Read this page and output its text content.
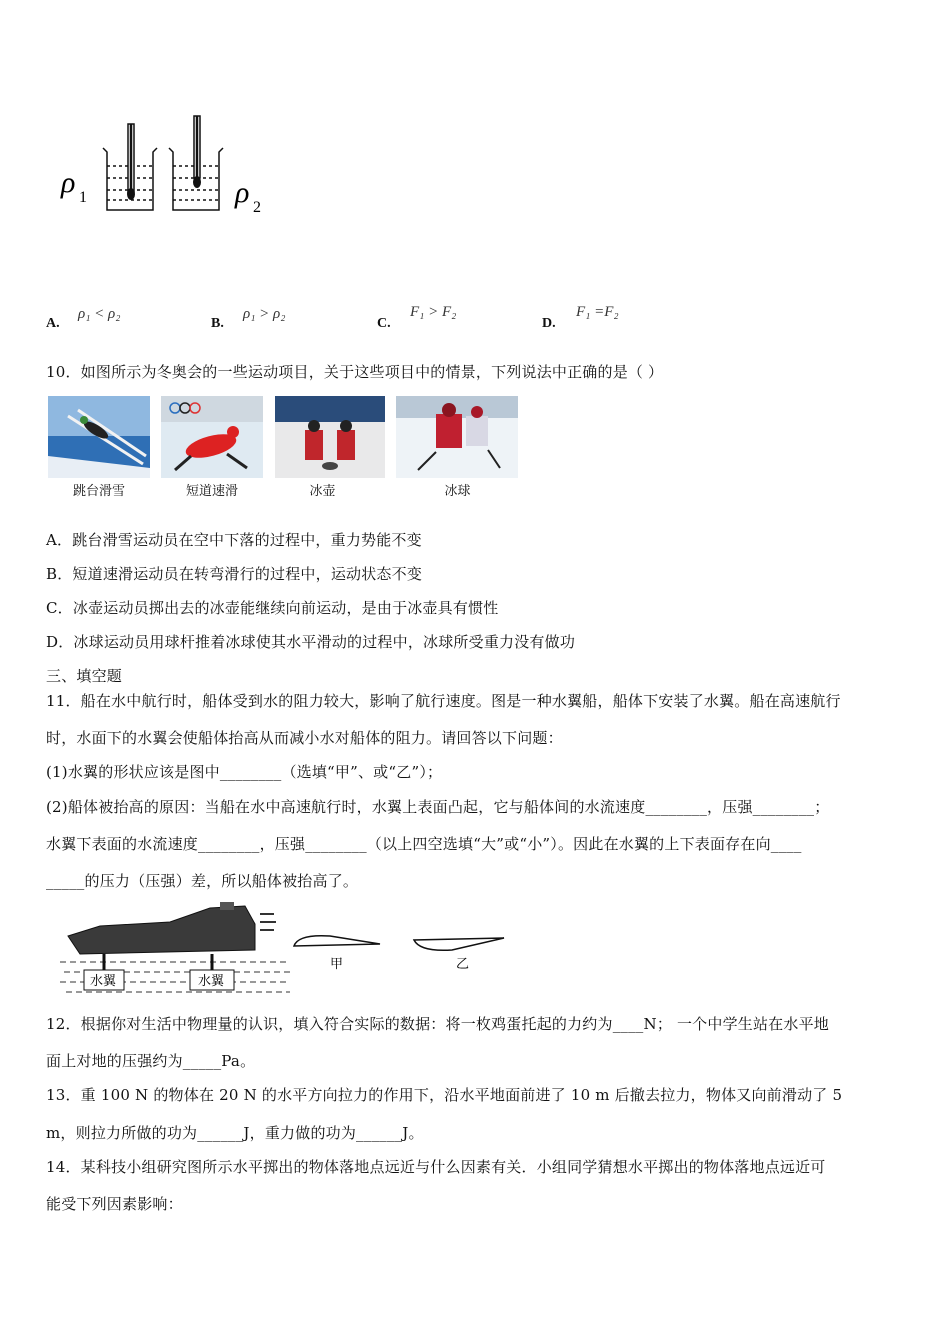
ρ 1	ρ 2
A.
ρ₁ < ρ₂
B.
ρ₁ > ρ₂
C.
F₁ > F₂
D.
F₁ =F₂
10．如图所示为冬奥会的一些运动项目，关于这些项目中的情景，下列说法中正确的是（ ）
跳台滑雪	短道速滑	冰壶	冰球
A．跳台滑雪运动员在空中下落的过程中，重力势能不变
B．短道速滑运动员在转弯滑行的过程中，运动状态不变
C．冰壶运动员掷出去的冰壶能继续向前运动，是由于冰壶具有惯性
D．冰球运动员用球杆推着冰球使其水平滑动的过程中，冰球所受重力没有做功
三、填空题
11．船在水中航行时，船体受到水的阻力较大，影响了航行速度。图是一种水翼船，船体下安装了水翼。船在高速航行
时，水面下的水翼会使船体抬高从而减小水对船体的阻力。请回答以下问题：
(1)水翼的形状应该是图中________（选填“甲”、或“乙”）；
(2)船体被抬高的原因：当船在水中高速航行时，水翼上表面凸起，它与船体间的水流速度________，压强________；
水翼下表面的水流速度________，压强________（以上四空选填“大”或“小”）。因此在水翼的上下表面存在向____
_____的压力（压强）差，所以船体被抬高了。
水翼	水翼
甲	乙
12．根据你对生活中物理量的认识，填入符合实际的数据：将一枚鸡蛋托起的力约为____N； 一个中学生站在水平地
面上对地的压强约为_____Pa。
13．重 100 N 的物体在 20 N 的水平方向拉力的作用下，沿水平地面前进了 10 m 后撤去拉力，物体又向前滑动了 5
m，则拉力所做的功为______J，重力做的功为______J。
14．某科技小组研究图所示水平掷出的物体落地点远近与什么因素有关．小组同学猜想水平掷出的物体落地点远近可
能受下列因素影响：
